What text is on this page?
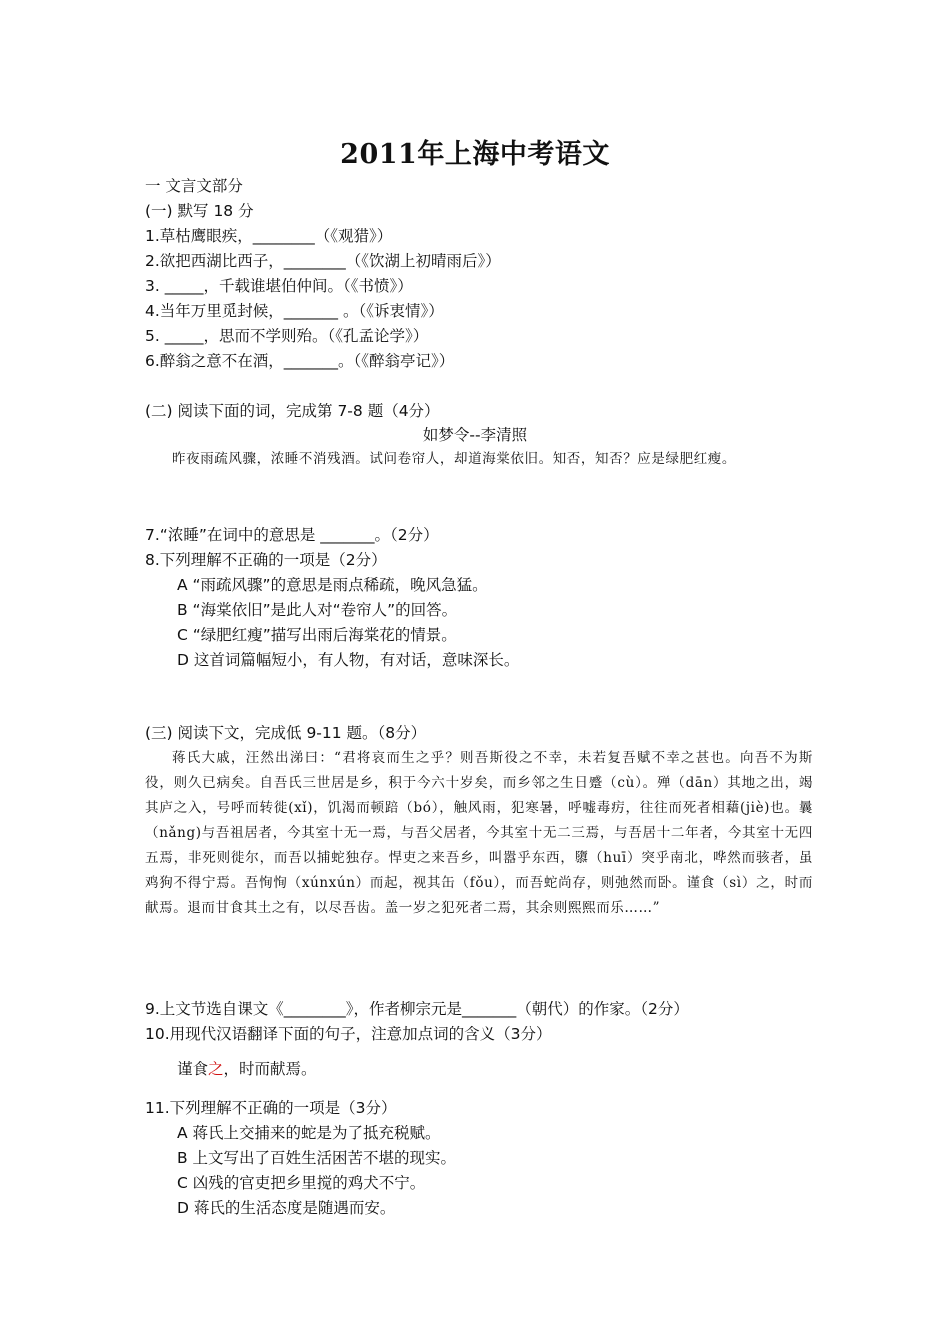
2011年上海中考语文
一 文言文部分
(一) 默写 18 分
1.草枯鹰眼疾，________（《观猎》）
2.欲把西湖比西子，________（《饮湖上初晴雨后》）
3. _____，千载谁堪伯仲间。（《书愤》）
4.当年万里觅封候，_______ 。（《诉衷情》）
5. _____，思而不学则殆。（《孔孟论学》）
6.醉翁之意不在酒，_______。（《醉翁亭记》）
(二) 阅读下面的词，完成第 7-8 题（4分）
如梦令--李清照

昨夜雨疏风骤，浓睡不消残酒。试问卷帘人，却道海棠依旧。知否，知否？应是绿肥红瘦。

7.“浓睡”在词中的意思是 _______。（2分）
8.下列理解不正确的一项是（2分）
A “雨疏风骤”的意思是雨点稀疏，晚风急猛。
B “海棠依旧”是此人对“卷帘人”的回答。
C “绿肥红瘦”描写出雨后海棠花的情景。
D 这首词篇幅短小，有人物，有对话，意味深长。
(三) 阅读下文，完成低 9-11 题。（8分）

蒋氏大戚，汪然出涕曰：“君将哀而生之乎？则吾斯役之不幸，未若复吾赋不幸之甚也。向吾不为斯役，则久已病矣。自吾氏三世居是乡，积于今六十岁矣，而乡邻之生日蹙（cù）。殚（dān）其地之出，竭其庐之入，号呼而转徙(xǐ)，饥渴而顿踣（bó），触风雨，犯寒暑，呼嘘毒疠，往往而死者相藉(jiè)也。曩（nǎng)与吾祖居者，今其室十无一焉，与吾父居者，今其室十无二三焉，与吾居十二年者，今其室十无四五焉，非死则徙尔，而吾以捕蛇独存。悍吏之来吾乡，叫嚣乎东西，隳（huī）突乎南北，哗然而骇者，虽鸡狗不得宁焉。吾恂恂（xúnxún）而起，视其缶（fǒu），而吾蛇尚存，则弛然而卧。谨食（sì）之，时而献焉。退而甘食其土之有，以尽吾齿。盖一岁之犯死者二焉，其余则熙熙而乐……”

9.上文节选自课文《________》，作者柳宗元是_______（朝代）的作家。（2分）
10.用现代汉语翻译下面的句子，注意加点词的含义（3分）
谨食之，时而献焉。
11.下列理解不正确的一项是（3分）
A 蒋氏上交捕来的蛇是为了抵充税赋。
B 上文写出了百姓生活困苦不堪的现实。
C 凶残的官吏把乡里搅的鸡犬不宁。
D 蒋氏的生活态度是随遇而安。
